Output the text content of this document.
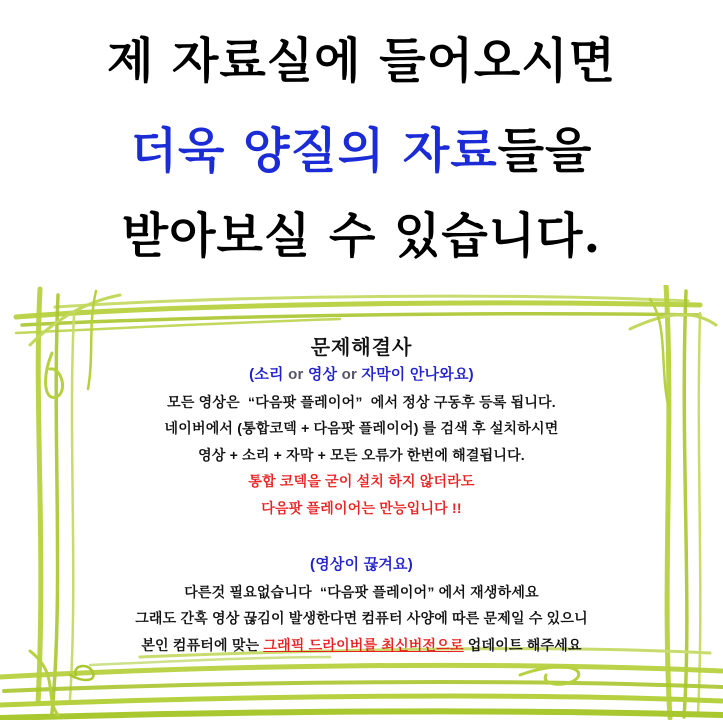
제 자료실에 들어오시면
더욱 양질의 자료들을
받아보실 수 있습니다.
문제해결사
(소리 or 영상 or 자막이 안나와요)
모든 영상은  “다음팟 플레이어”  에서 정상 구동후 등록 됩니다.
네이버에서 (통합코덱 + 다음팟 플레이어) 를 검색 후 설치하시면
영상 + 소리 + 자막 + 모든 오류가 한번에 해결됩니다.
통합 코덱을 굳이 설치 하지 않더라도
다음팟 플레이어는 만능입니다 !!
(영상이 끊겨요)
다른것 필요없습니다  “다음팟 플레이어” 에서 재생하세요
그래도 간혹 영상 끊김이 발생한다면 컴퓨터 사양에 따른 문제일 수 있으니
본인 컴퓨터에 맞는 그래픽 드라이버를 최신버전으로 업데이트 해주세요
